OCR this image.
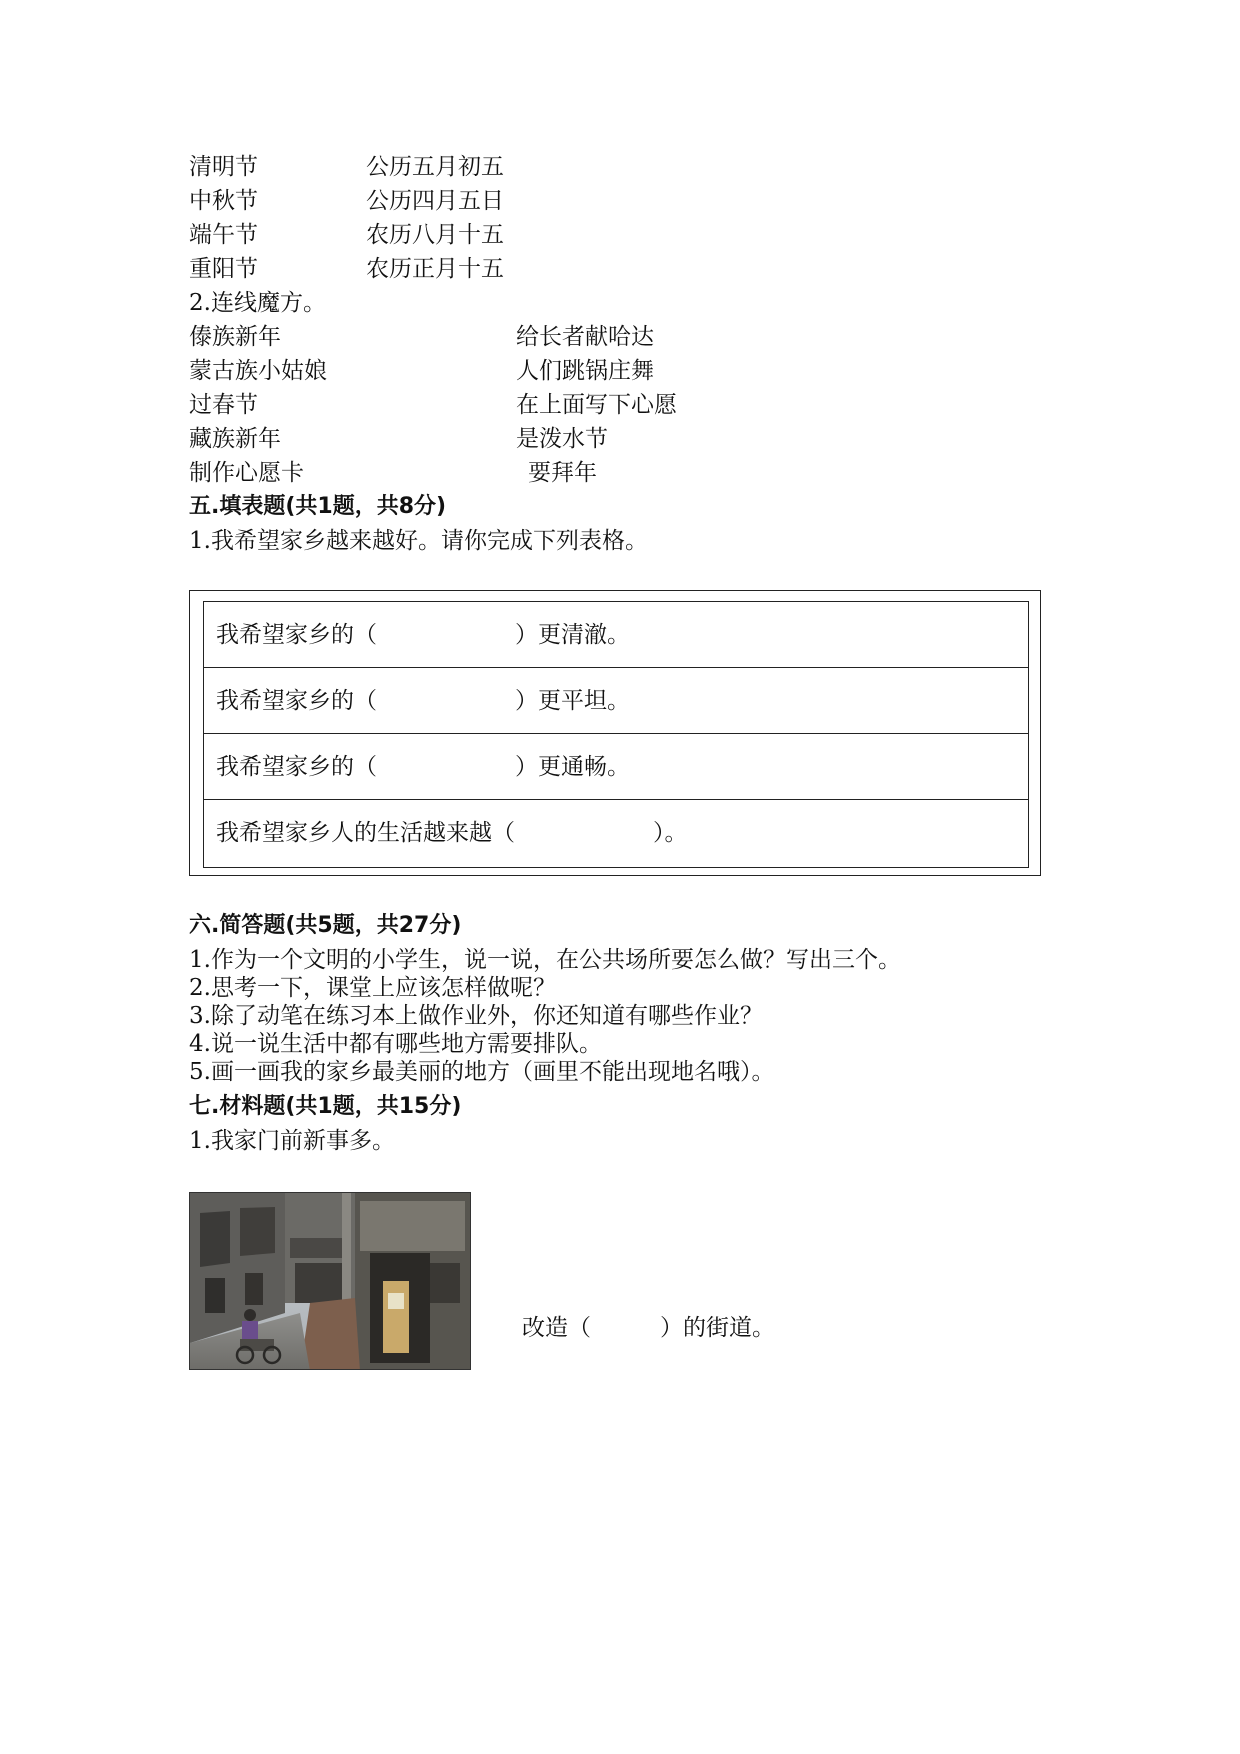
清明节	公历五月初五
中秋节	公历四月五日
端午节	农历八月十五
重阳节	农历正月十五
2.连线魔方。
傣族新年	给长者献哈达
蒙古族小姑娘	人们跳锅庄舞
过春节	在上面写下心愿
藏族新年	是泼水节
制作心愿卡	要拜年
五.填表题(共1题，共8分)
1.我希望家乡越来越好。请你完成下列表格。
我希望家乡的（　　　　　　）更清澈。
我希望家乡的（　　　　　　）更平坦。
我希望家乡的（　　　　　　）更通畅。
我希望家乡人的生活越来越（　　　　　　）。
六.简答题(共5题，共27分)
1.作为一个文明的小学生，说一说，在公共场所要怎么做？写出三个。
2.思考一下，课堂上应该怎样做呢？
3.除了动笔在练习本上做作业外，你还知道有哪些作业？
4.说一说生活中都有哪些地方需要排队。
5.画一画我的家乡最美丽的地方（画里不能出现地名哦）。
七.材料题(共1题，共15分)
1.我家门前新事多。
改造（　　　）的街道。
